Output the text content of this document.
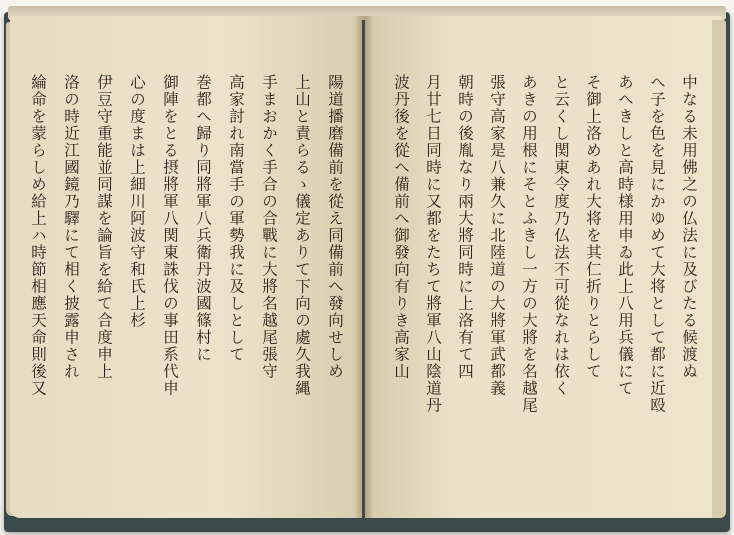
陽道播磨備前を從え同備前へ發向せしめ
上山と責らるゝ儀定ありて下向の處久我縄
手まおかく手合の合戰に大將名越尾張守
高家討れ南當手の軍勢我に及しとして
巻都へ歸り同將軍八兵衛丹波國篠村に
御陣をとる摂將軍八関東誅伐の事田系代申
心の度まは上細川阿波守和氏上杉
伊豆守重能並同謀を論旨を給て合度申上
洛の時近江國鏡乃驛にて相く披露申され
綸命を蒙らしめ給上ハ時節相應天命則後又	中なる未用佛之の仏法に及びたる候渡ぬ
へ子を色を見にかゆめて大将として都に近殴
あへきしと高時様用申ゐ此上八用兵儀にて
そ御上洛めあれ大将を其仁折りとらして
と云くし関東令度乃仏法不可從なれは依く
あきの用根にそとふきし一方の大將を名越尾
張守高家是八兼久に北陸道の大將軍武都義
朝時の後胤なり兩大將同時に上洛有て四
月廿七日同時に又都をたちて將軍八山陰道丹
波丹後を從へ備前へ御發向有りき高家山
